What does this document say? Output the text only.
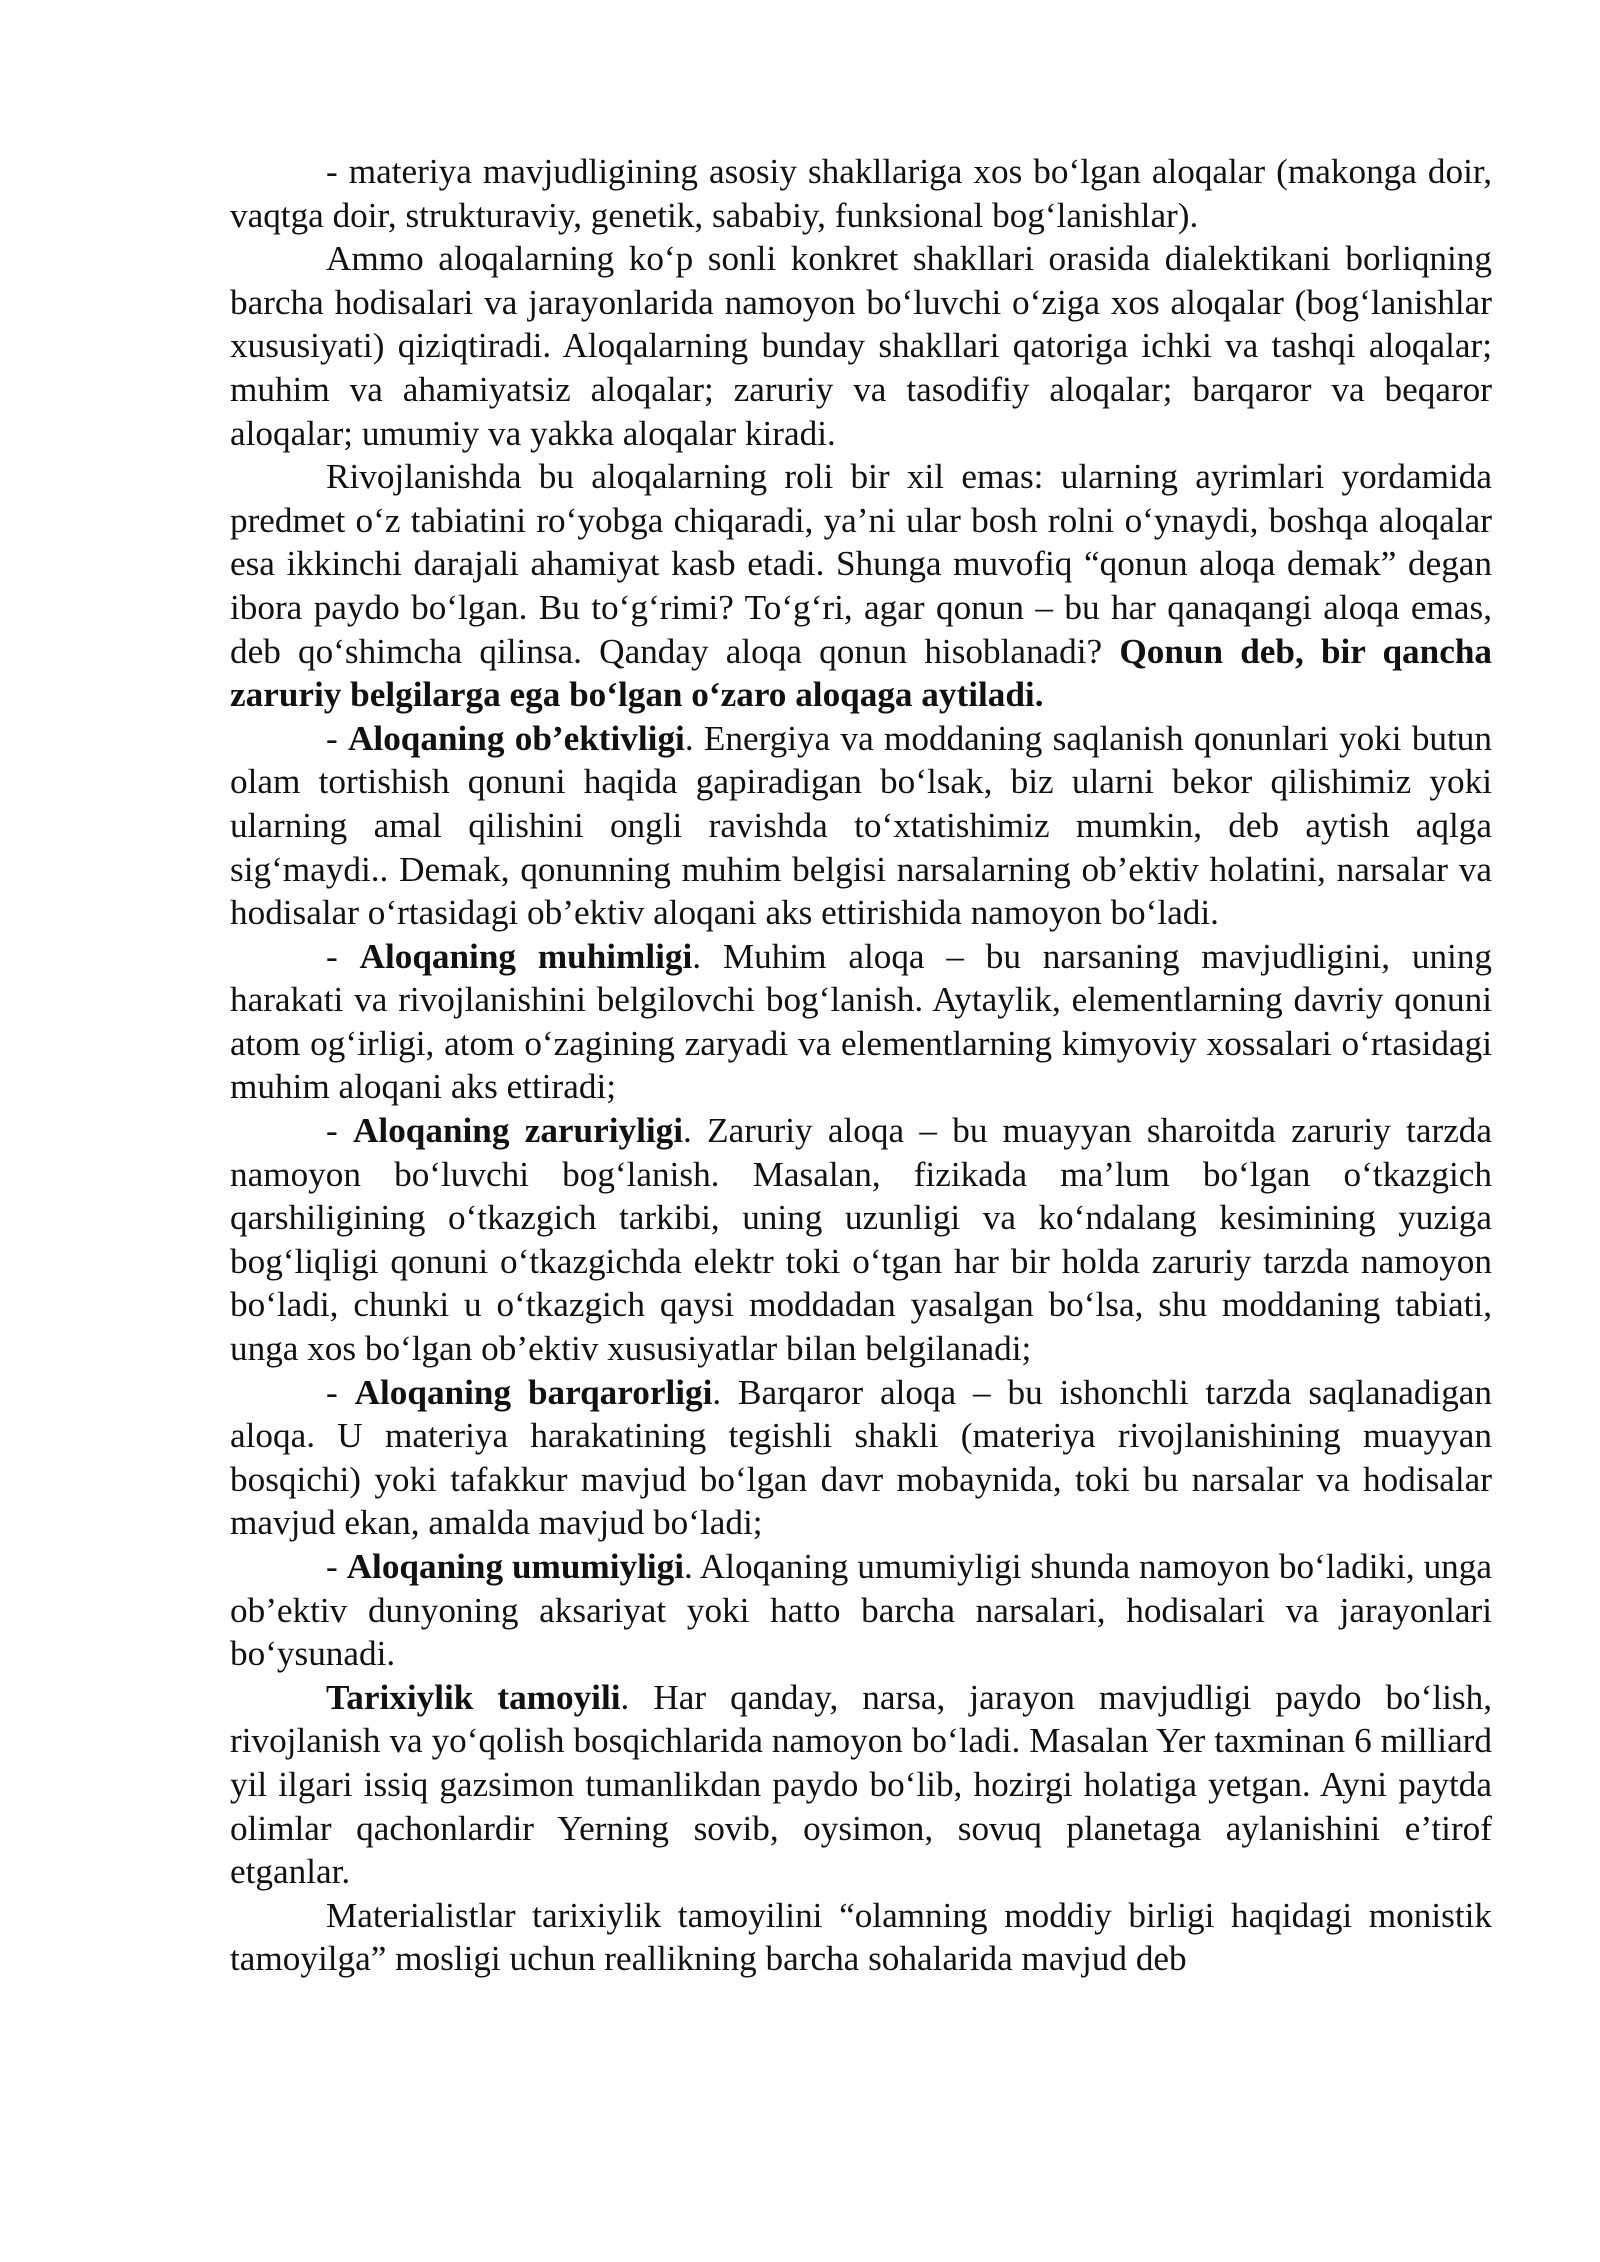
- materiya mavjudligining asosiy shakllariga xos bo‘lgan aloqalar (makonga doir, vaqtga doir, strukturaviy, genetik, sababiy, funksional bog‘lanishlar).

Ammo aloqalarning ko‘p sonli konkret shakllari orasida dialektikani borliqning barcha hodisalari va jarayonlarida namoyon bo‘luvchi o‘ziga xos aloqalar (bog‘lanishlar xususiyati) qiziqtiradi. Aloqalarning bunday shakllari qatoriga ichki va tashqi aloqalar; muhim va ahamiyatsiz aloqalar; zaruriy va tasodifiy aloqalar; barqaror va beqaror aloqalar; umumiy va yakka aloqalar kiradi.

Rivojlanishda bu aloqalarning roli bir xil emas: ularning ayrimlari yordamida predmet o‘z tabiatini ro‘yobga chiqaradi, ya’ni ular bosh rolni o‘ynaydi, boshqa aloqalar esa ikkinchi darajali ahamiyat kasb etadi. Shunga muvofiq “qonun aloqa demak” degan ibora paydo bo‘lgan. Bu to‘g‘rimi? To‘g‘ri, agar qonun – bu har qanaqangi aloqa emas, deb qo‘shimcha qilinsa. Qanday aloqa qonun hisoblanadi? Qonun deb, bir qancha zaruriy belgilarga ega bo‘lgan o‘zaro aloqaga aytiladi.

- Aloqaning ob’ektivligi. Energiya va moddaning saqlanish qonunlari yoki butun olam tortishish qonuni haqida gapiradigan bo‘lsak, biz ularni bekor qilishimiz yoki ularning amal qilishini ongli ravishda to‘xtatishimiz mumkin, deb aytish aqlga sig‘maydi.. Demak, qonunning muhim belgisi narsalarning ob’ektiv holatini, narsalar va hodisalar o‘rtasidagi ob’ektiv aloqani aks ettirishida namoyon bo‘ladi.

- Aloqaning muhimligi. Muhim aloqa – bu narsaning mavjudligini, uning harakati va rivojlanishini belgilovchi bog‘lanish. Aytaylik, elementlarning davriy qonuni atom og‘irligi, atom o‘zagining zaryadi va elementlarning kimyoviy xossalari o‘rtasidagi muhim aloqani aks ettiradi;

- Aloqaning zaruriyligi. Zaruriy aloqa – bu muayyan sharoitda zaruriy tarzda namoyon bo‘luvchi bog‘lanish. Masalan, fizikada ma’lum bo‘lgan o‘tkazgich qarshiligining o‘tkazgich tarkibi, uning uzunligi va ko‘ndalang kesimining yuziga bog‘liqligi qonuni o‘tkazgichda elektr toki o‘tgan har bir holda zaruriy tarzda namoyon bo‘ladi, chunki u o‘tkazgich qaysi moddadan yasalgan bo‘lsa, shu moddaning tabiati, unga xos bo‘lgan ob’ektiv xususiyatlar bilan belgilanadi;

- Aloqaning barqarorligi. Barqaror aloqa – bu ishonchli tarzda saqlanadigan aloqa. U materiya harakatining tegishli shakli (materiya rivojlanishining muayyan bosqichi) yoki tafakkur mavjud bo‘lgan davr mobaynida, toki bu narsalar va hodisalar mavjud ekan, amalda mavjud bo‘ladi;

- Aloqaning umumiyligi. Aloqaning umumiyligi shunda namoyon bo‘ladiki, unga ob’ektiv dunyoning aksariyat yoki hatto barcha narsalari, hodisalari va jarayonlari bo‘ysunadi.

Tarixiylik tamoyili. Har qanday, narsa, jarayon mavjudligi paydo bo‘lish, rivojlanish va yo‘qolish bosqichlarida namoyon bo‘ladi. Masalan Yer taxminan 6 milliard yil ilgari issiq gazsimon tumanlikdan paydo bo‘lib, hozirgi holatiga yetgan. Ayni paytda olimlar qachonlardir Yerning sovib, oysimon, sovuq planetaga aylanishini e’tirof etganlar.

Materialistlar tarixiylik tamoyilini “olamning moddiy birligi haqidagi monistik tamoyilga” mosligi uchun reallikning barcha sohalarida mavjud deb
